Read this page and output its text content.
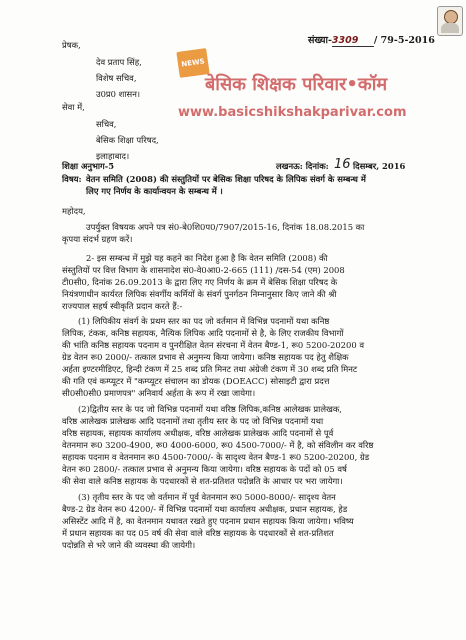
संख्या-3309 / 79-5-2016
प्रेषक,
देव प्रताप सिंह,
विशेष सचिव,
उ0प्र0 शासन।
NEWS
बेसिक शिक्षक परिवार•कॉम
www.basicshikshakparivar.com
सेवा में,
सचिव,
बेसिक शिक्षा परिषद,
इलाहाबाद।
शिक्षा अनुभाग-5	लखनऊ: दिनांक: 16 दिसम्बर, 2016
विषय: वेतन समिति (2008) की संस्तुतियों पर बेसिक शिक्षा परिषद के लिपिक संवर्ग के सम्बन्ध में
लिए गए निर्णय के कार्यान्वयन के सम्बन्ध में ।
महोदय,
उपर्युक्त विषयक अपने पत्र सं0-बे0शि0प0/7907/2015-16, दिनांक 18.08.2015 का
कृपया संदर्भ ग्रहण करें।
2- इस सम्बन्ध में मुझे यह कहने का निदेश हुआ है कि वेतन समिति (2008) की
संस्तुतियों पर वित्त विभाग के शासनादेश सं0-वे0आ0-2-665 (111) /दस-54 (एम) 2008
टी0सी0, दिनांक 26.09.2013 के द्वारा लिए गए निर्णय के क्रम में बेसिक शिक्षा परिषद के
नियंत्रणाधीन कार्यरत लिपिक संवर्गीय कर्मियों के संवर्ग पुनर्गठन निम्नानुसार किए जाने की श्री
राज्यपाल सहर्ष स्वीकृति प्रदान करते हैं:-
(1) लिपिकीय संवर्ग के प्रथम स्तर का पद जो वर्तमान में विभिन्न पदनामों यथा कनिष्ठ
लिपिक, टंकक, कनिष्ठ सहायक, नैत्यिक लिपिक आदि पदनामों से है, के लिए राजकीय विभागों
की भांति कनिष्ठ सहायक पदनाम व पुनरीक्षित वेतन संरचना में वेतन बैण्ड-1, रू0 5200-20200 व
ग्रेड वेतन रू0 2000/- तत्काल प्रभाव से अनुमन्य किया जायेगा। कनिष्ठ सहायक पद हेतु शैक्षिक
अर्हता इण्टरमीडिएट, हिन्दी टंकण में 25 शब्द प्रति मिनट तथा अंग्रेजी टंकण में 30 शब्द प्रति मिनट
की गति एवं कम्प्यूटर में "कम्प्यूटर संचालन का डोयक (DOEACC) सोसाइटी द्वारा प्रदत्त
सी0सी0सी0 प्रमाणपत्र" अनिवार्य अर्हता के रूप में रखा जायेगा।
(2)द्वितीय स्तर के पद जो विभिन्न पदनामों यथा वरिष्ठ लिपिक,कनिष्ठ आलेखक प्रालेखक,
वरिष्ठ आलेखक प्रालेखक आदि पदनामों तथा तृतीय स्तर के पद जो विभिन्न पदनामों यथा
वरिष्ठ सहायक, सहायक कार्यालय अधीक्षक, वरिष्ठ आलेखक प्रालेखक आदि पदनामों से पूर्व
वेतनमान रू0 3200-4900, रू0 4000-6000, रू0 4500-7000/- में है, को संविलीन कर वरिष्ठ
सहायक पदनाम व वेतनमान रू0 4500-7000/- के सादृश्य वेतन बैण्ड-1 रू0 5200-20200, ग्रेड
वेतन रू0 2800/- तत्काल प्रभाव से अनुमन्य किया जायेगा। वरिष्ठ सहायक के पदों को 05 वर्ष
की सेवा वाले कनिष्ठ सहायक के पदधारकों से शत-प्रतिशत पदोन्नति के आधार पर भरा जायेगा।
(3) तृतीय स्तर के पद जो वर्तमान में पूर्व वेतनमान रू0 5000-8000/- सादृश्य वेतन
बैण्ड-2 ग्रेड वेतन रू0 4200/- में विभिन्न पदनामों यथा कार्यालय अधीक्षक, प्रधान सहायक, हेड
असिस्टेंट आदि में है, का वेतनमान यथावत रखते हुए पदनाम प्रधान सहायक किया जायेगा। भविष्य
में प्रधान सहायक का पद 05 वर्ष की सेवा वाले वरिष्ठ सहायक के पदधारकों से शत-प्रतिशत
पदोन्नति से भरे जाने की व्यवस्था की जायेगी।
